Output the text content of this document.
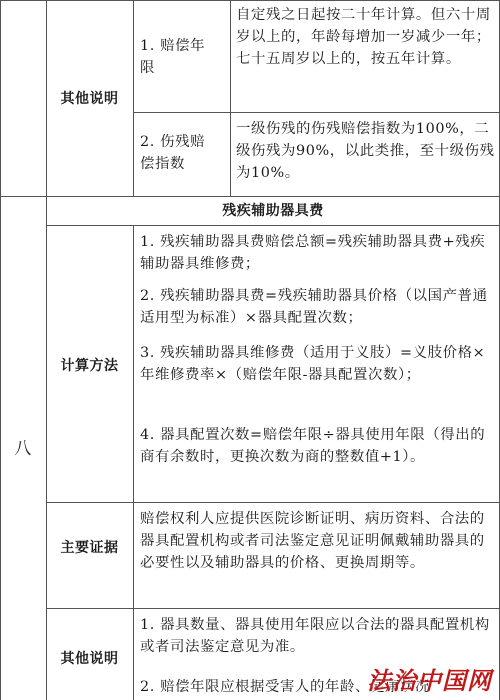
其他说明
1. 赔偿年限
自定残之日起按二十年计算。但六十周岁以上的，年龄每增加一岁减少一年；七十五周岁以上的，按五年计算。
2. 伤残赔偿指数
一级伤残的伤残赔偿指数为100%，二级伤残为90%，以此类推，至十级伤残为10%。
八
残疾辅助器具费
计算方法
1. 残疾辅助器具费赔偿总额=残疾辅助器具费+残疾辅助器具维修费；
2. 残疾辅助器具费=残疾辅助器具价格（以国产普通适用型为标准）×器具配置次数；
3. 残疾辅助器具维修费（适用于义肢）=义肢价格×年维修费率×（赔偿年限-器具配置次数）；
4. 器具配置次数=赔偿年限÷器具使用年限（得出的商有余数时，更换次数为商的整数值+1）。
主要证据
赔偿权利人应提供医院诊断证明、病历资料、合法的器具配置机构或者司法鉴定意见证明佩戴辅助器具的必要性以及辅助器具的价格、更换周期等。
其他说明
1. 器具数量、器具使用年限应以合法的器具配置机构或者司法鉴定意见为准。
2. 赔偿年限应根据受害人的年龄、健康状况
法治中国网
